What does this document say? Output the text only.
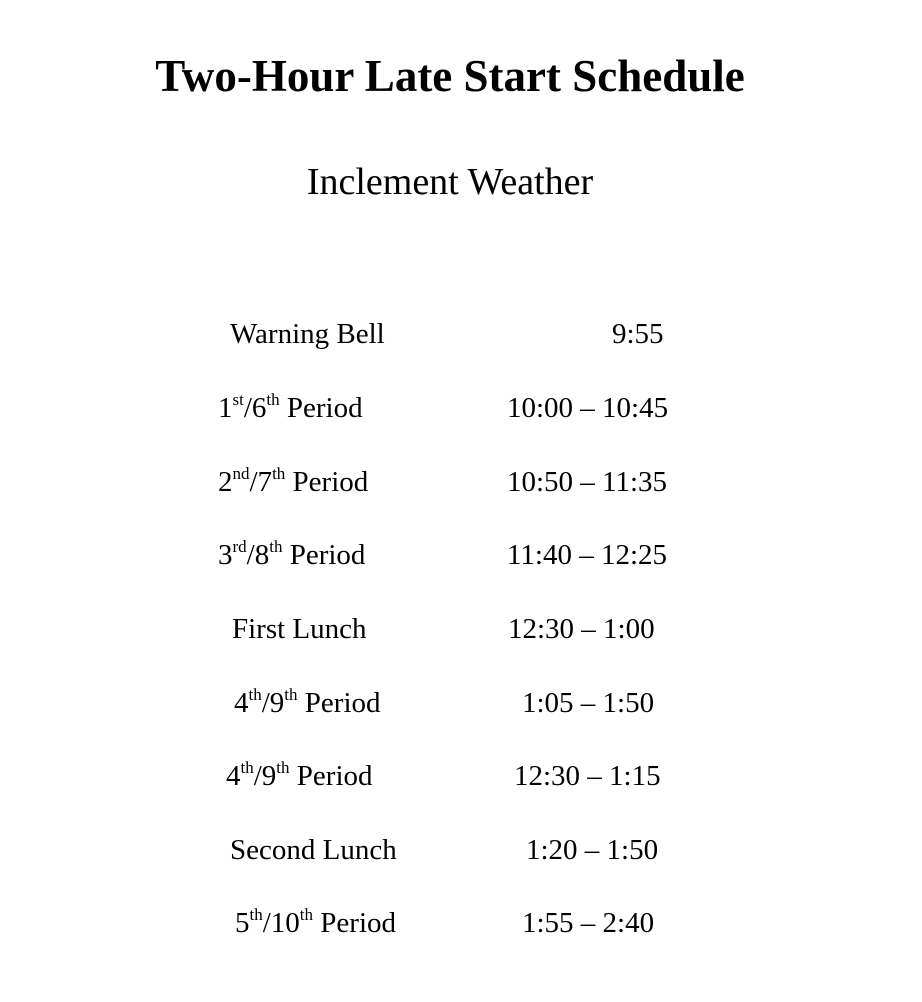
Two-Hour Late Start Schedule
Inclement Weather
Warning Bell	9:55
1st/6th Period	10:00 – 10:45
2nd/7th Period	10:50 – 11:35
3rd/8th Period	11:40 – 12:25
First Lunch	12:30 – 1:00
4th/9th Period	1:05 – 1:50
4th/9th Period	12:30 – 1:15
Second Lunch	1:20 – 1:50
5th/10th Period	1:55 – 2:40
